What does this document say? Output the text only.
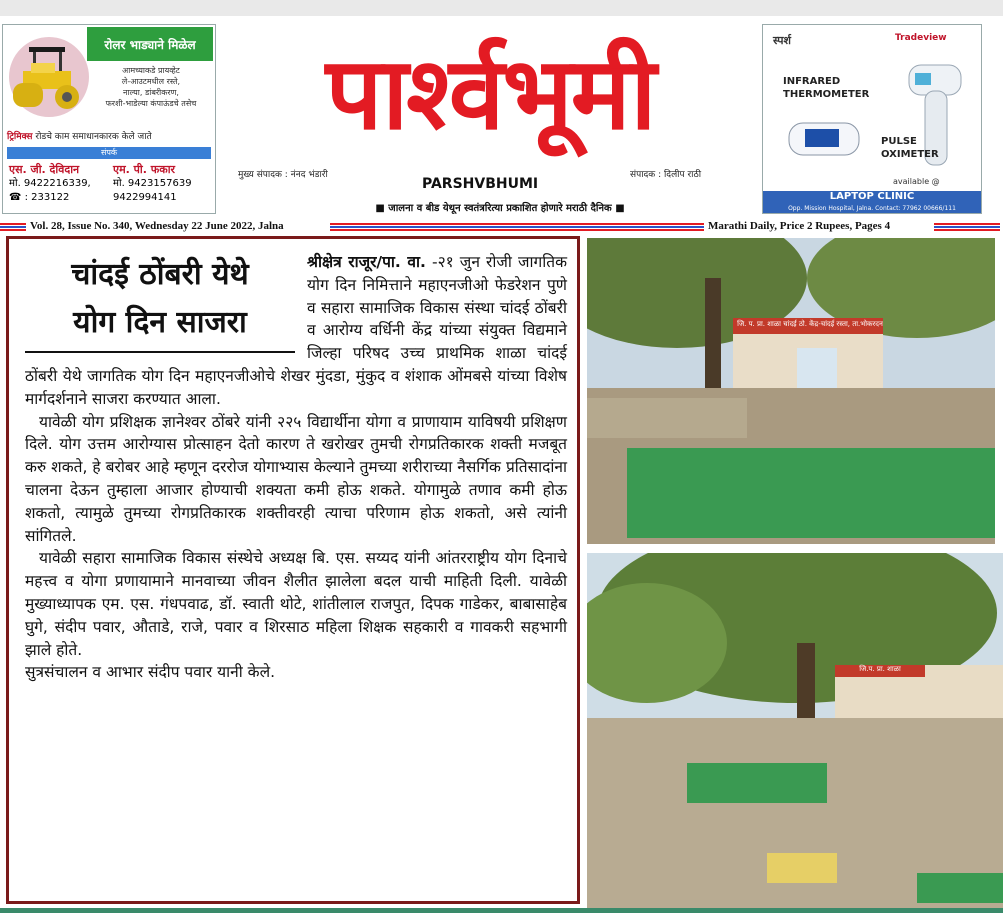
रोलर भाड्याने मिळेल
आमच्याकडे प्रायव्हेट
ले-आउटमधील रस्ते,
नाल्या, डांबरीकरण,
फरशी-भाडेल्या कंपाऊंडचे तसेच
ट्रिमिक्स रोडचे काम समाधानकारक केले जाते
संपर्क
एस. जी. देविदान
मो. 9422216339,
☎ : 233122
एम. पी. फकार
मो. 9423157639
9422994141
पार्श्वभूमी
मुख्य संपादक : नंनद भंडारी
PARSHVBHUMI
संपादक : दिलीप राठी
■ जालना व बीड येथून स्वतंत्ररित्या प्रकाशित होणारे मराठी दैनिक ■
स्पर्श	Tradeview
INFRARED
THERMOMETER
PULSE
OXIMETER
available @
LAPTOP CLINIC
Opp. Mission Hospital, Jalna. Contact: 77962 00666/111
Vol. 28, Issue No. 340, Wednesday 22 June 2022, Jalna	Marathi Daily, Price 2 Rupees, Pages 4

श्रीक्षेत्र राजूर/पा. वा. -२१ जुन रोजी जागतिक योग दिन निमित्ताने महाएनजीओ फेडरेशन पुणे व सहारा सामाजिक विकास संस्था चांदई ठोंबरी व आरोग्य वर्धिनी केंद्र यांच्या संयुक्त विद्यमाने जिल्हा परिषद उच्च प्राथमिक शाळा चांदई ठोंबरी येथे जागतिक योग दिन महाएनजीओचे शेखर मुंदडा, मुंकुद व शंशाक ओंमबसे यांच्या विशेष मार्गदर्शनाने साजरा करण्यात आला.

यावेळी योग प्रशिक्षक ज्ञानेश्‍वर ठोंबरे यांनी २२५ विद्यार्थीना योगा व प्राणायाम याविषयी प्रशिक्षण दिले. योग उत्तम आरोग्यास प्रोत्साहन देतो कारण ते खरोखर तुमची रोगप्रतिकारक शक्ती मजबूत करु शकते, हे बरोबर आहे म्हणून दररोज योगाभ्यास केल्याने तुमच्या शरीराच्या नैसर्गिक प्रतिसादांना चालना देऊन तुम्हाला आजार होण्याची शक्यता कमी होऊ शकते. योगामुळे तणाव कमी होऊ शकतो, त्यामुळे तुमच्या रोगप्रतिकारक शक्तीवरही त्याचा परिणाम होऊ शकतो, असे त्यांनी सांगितले.

यावेळी सहारा सामाजिक विकास संस्थेचे अध्यक्ष बि. एस. सय्यद यांनी आंतरराष्ट्रीय योग दिनाचे महत्त्व व योगा प्रणायामाने मानवाच्या जीवन शैलीत झालेला बदल याची माहिती दिली. यावेळी मुख्याध्यापक एम. एस. गंधपवाढ, डॉ. स्वाती थोटे, शांतीलाल राजपुत, दिपक गाडेकर, बाबासाहेब घुगे, संदीप पवार, औताडे, राजे, पवार व शिरसाठ महिला शिक्षक सहकारी व गावकरी सहभागी झाले होते.

सुत्रसंचालन व आभार संदीप पवार यानी केले.

चांदई ठोंबरी येथे
योग दिन साजरा	जि. प. प्रा. शाळा चांदई ठो. केंद्र-चांदई रस्ता, ता.भोकरदन
जि.प. प्रा. शाळा
